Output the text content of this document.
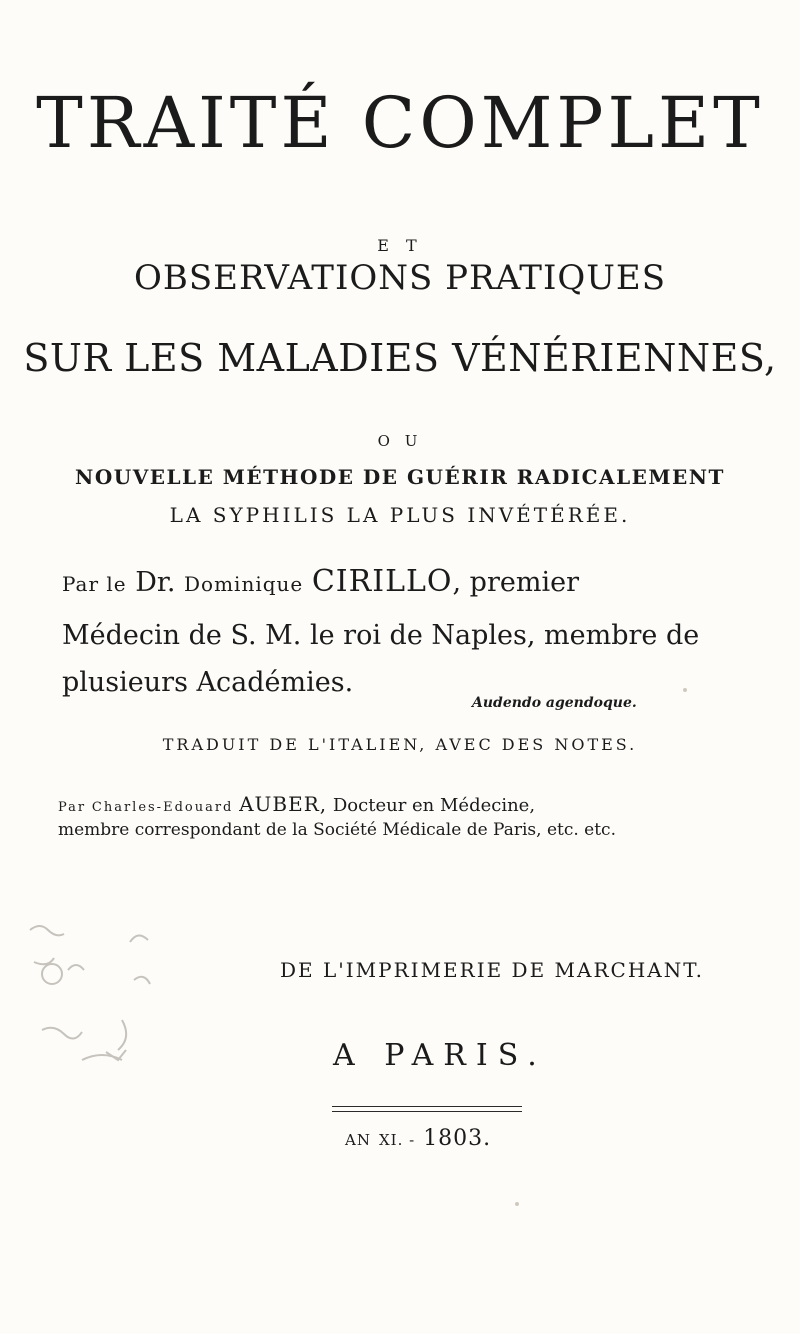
TRAITÉ COMPLET
E T
OBSERVATIONS PRATIQUES
SUR LES MALADIES VÉNÉRIENNES,
O U
NOUVELLE MÉTHODE DE GUÉRIR RADICALEMENT
LA SYPHILIS LA PLUS INVÉTÉRÉE.
Par le Dr. Dominique CIRILLO, premier
Médecin de S. M. le roi de Naples, membre de
plusieurs Académies.
Audendo agendoque.
TRADUIT DE L'ITALIEN, AVEC DES NOTES.
Par Charles-Edouard AUBER, Docteur en Médecine,
membre correspondant de la Société Médicale de Paris, etc. etc.
DE L'IMPRIMERIE DE MARCHANT.
A PARIS.
AN XI. - 1803.
